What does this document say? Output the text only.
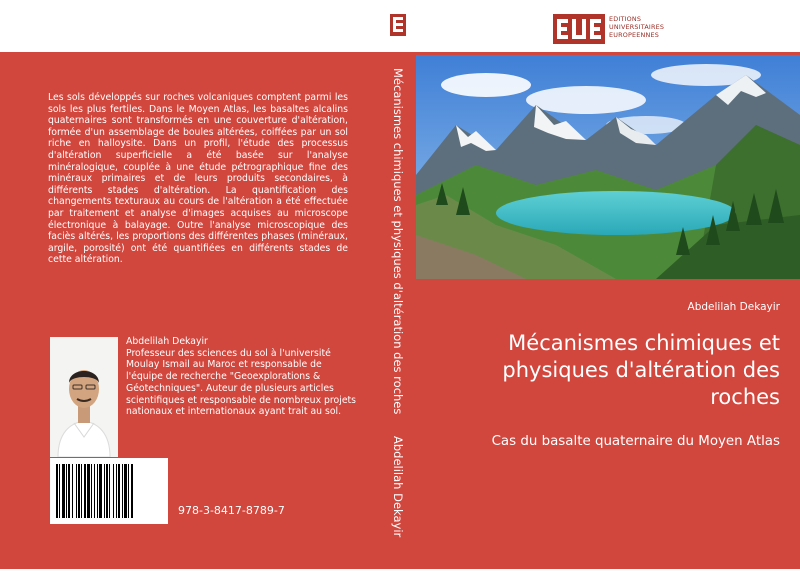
EDITIONS
UNIVERSITAIRES
EUROPEENNES

Les sols développés sur roches volcaniques comptent parmi les sols les plus fertiles. Dans le Moyen Atlas, les basaltes alcalins quaternaires sont transformés en une couverture d'altération, formée d'un assemblage de boules altérées, coiffées par un sol riche en halloysite. Dans un profil, l'étude des processus d'altération superficielle a été basée sur l'analyse minéralogique, couplée à une étude pétrographique fine des minéraux primaires et de leurs produits secondaires, à différents stades d'altération. La quantification des changements texturaux au cours de l'altération a été effectuée par traitement et analyse d'images acquises au microscope électronique à balayage. Outre l'analyse microscopique des faciès altérés, les proportions des différentes phases (minéraux, argile, porosité) ont été quantifiées en différents stades de cette altération.

Abdelilah Dekayir
Professeur des sciences du sol à l'université Moulay Ismail au Maroc et responsable de l'équipe de recherche "Geoexplorations & Géotechniques". Auteur de plusieurs articles scientifiques et responsable de nombreux projets nationaux et internationaux ayant trait au sol.
978-3-8417-8789-7
Mécanismes chimiques et physiques d'altération des roches
Abdelilah Dekayir
Abdelilah Dekayir
Mécanismes chimiques et physiques d'altération des roches
Cas du basalte quaternaire du Moyen Atlas
